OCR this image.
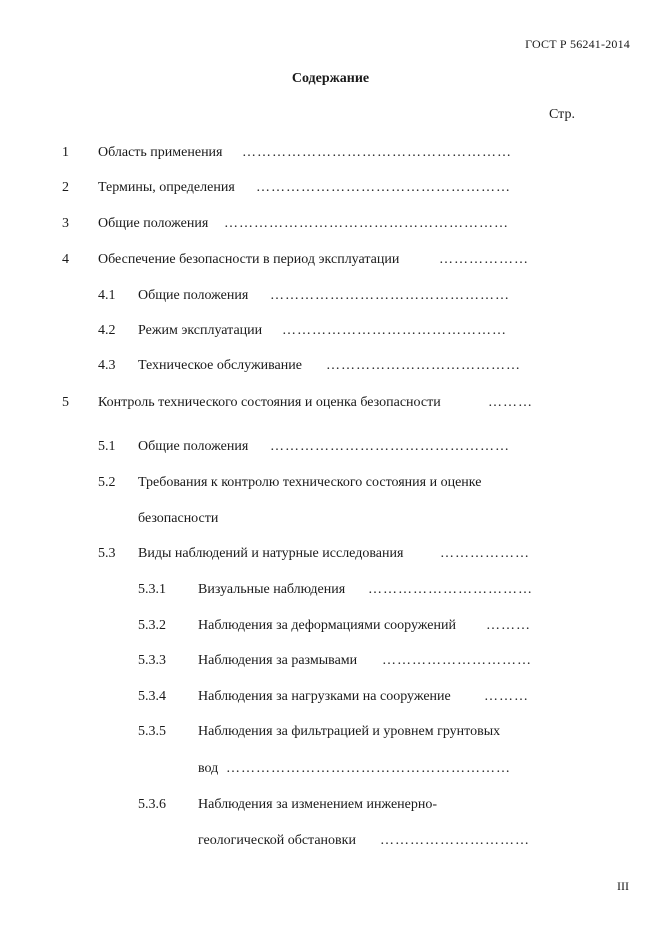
ГОСТ Р 56241-2014
Содержание
Стр.
1 Область применения ………………………………………………
2 Термины, определения ……………………………………………
3 Общие положения …………………………………………………
4 Обеспечение безопасности в период эксплуатации	………………
4.1 Общие положения …………………………………………
4.2 Режим эксплуатации ………………………………………
4.3 Техническое обслуживание …………………………………
5 Контроль технического состояния и оценка безопасности	………
5.1 Общие положения …………………………………………
5.2 Требования к контролю технического состояния и оценке
безопасности
5.3 Виды наблюдений и натурные исследования	………………
5.3.1 Визуальные наблюдения ……………………………
5.3.2 Наблюдения за деформациями сооружений ………
5.3.3 Наблюдения за размывами …………………………
5.3.4 Наблюдения за нагрузками на сооружение ………
5.3.5 Наблюдения за фильтрацией и уровнем грунтовых
вод …………………………………………………
5.3.6 Наблюдения за изменением инженерно-
геологической обстановки …………………………
III
